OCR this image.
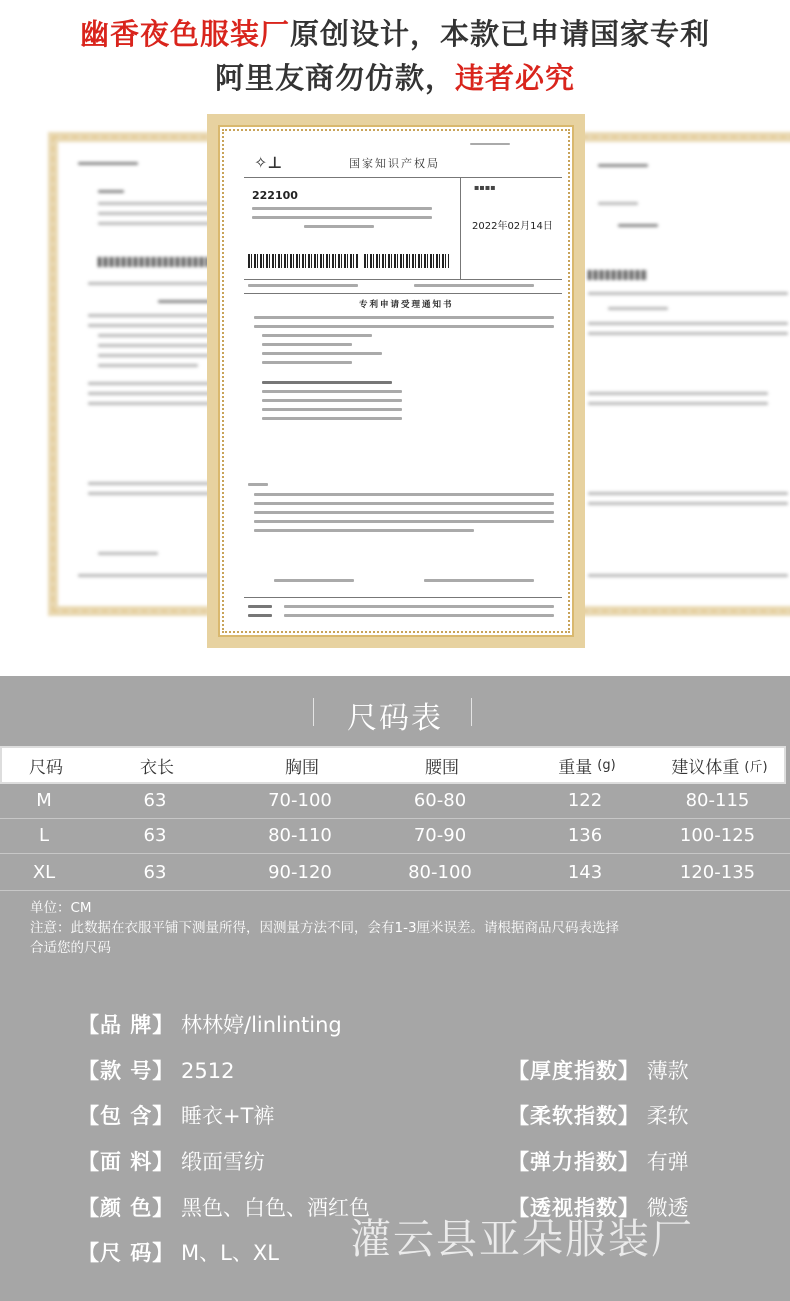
幽香夜色服装厂原创设计，本款已申请国家专利
阿里友商勿仿款，违者必究
✧⊥	国家知识产权局
222100
▪▪▪▪
2022年02月14日
专利申请受理通知书
尺码表
尺码	衣长	胸围	腰围	重量 (g)	建议体重 (斤)
M	63	70-100	60-80	122	80-115
L	63	80-110	70-90	136	100-125
XL	63	90-120	80-100	143	120-135
单位：CM
注意：此数据在衣服平铺下测量所得，因测量方法不同，会有1-3厘米误差。请根据商品尺码表选择
合适您的尺码
【品 牌】 林林婷/linlinting
【款 号】 2512
【包 含】 睡衣+T裤
【面 料】 缎面雪纺
【颜 色】 黑色、白色、酒红色
【尺 码】 M、L、XL
【厚度指数】 薄款
【柔软指数】 柔软
【弹力指数】 有弹
【透视指数】 微透
灌云县亚朵服装厂
